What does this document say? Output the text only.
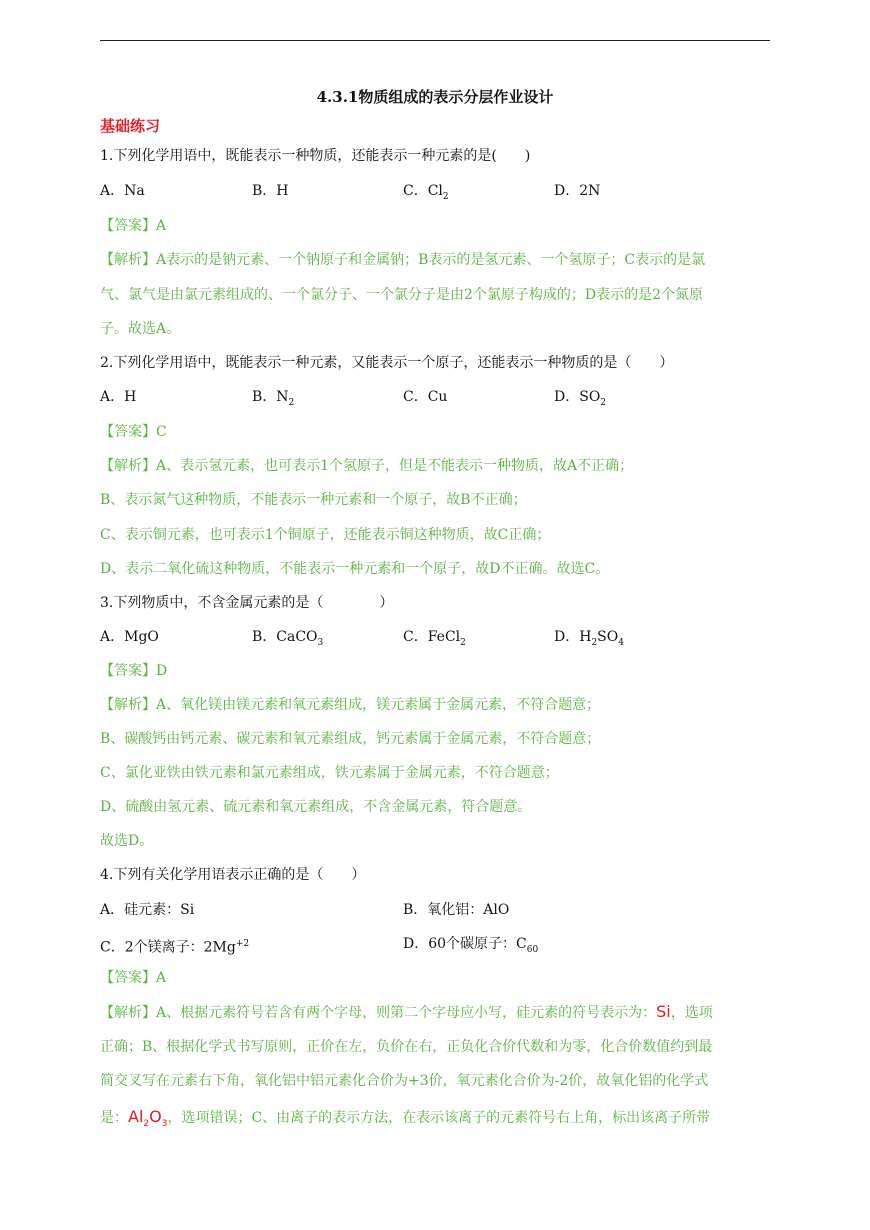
4.3.1物质组成的表示分层作业设计
基础练习
1.下列化学用语中，既能表示一种物质，还能表示一种元素的是(　　)
A．Na	B．H	C．$Cl_2$	D．2N
【答案】A
【解析】A表示的是钠元素、一个钠原子和金属钠；B表示的是氢元素、一个氢原子；C表示的是氯
气、氯气是由氯元素组成的、一个氯分子、一个氯分子是由2个氯原子构成的；D表示的是2个氮原
子。故选A。
2.下列化学用语中，既能表示一种元素，又能表示一个原子，还能表示一种物质的是（　　）
A．H	B．$N_2$	C．Cu	D．$SO_2$
【答案】C
【解析】A、表示氢元素，也可表示1个氢原子，但是不能表示一种物质，故A不正确；
B、表示氮气这种物质，不能表示一种元素和一个原子，故B不正确；
C、表示铜元素，也可表示1个铜原子，还能表示铜这种物质，故C正确；
D、表示二氧化硫这种物质，不能表示一种元素和一个原子，故D不正确。故选C。
3.下列物质中，不含金属元素的是（　　　　）
A．MgO	B．CaCO$_3$	C．FeCl$_2$	D．$H_2SO_4$
【答案】D
【解析】A、氧化镁由镁元素和氧元素组成，镁元素属于金属元素，不符合题意；
B、碳酸钙由钙元素、碳元素和氧元素组成，钙元素属于金属元素，不符合题意；
C、氯化亚铁由铁元素和氯元素组成，铁元素属于金属元素，不符合题意；
D、硫酸由氢元素、硫元素和氧元素组成，不含金属元素，符合题意。
故选D。
4.下列有关化学用语表示正确的是（　　）
A．硅元素：Si	B．氧化铝：AlO
C．2个镁离子：$2Mg^{+2}$	D．60个碳原子：$C_{60}$
【答案】A
【解析】A、根据元素符号若含有两个字母，则第二个字母应小写，硅元素的符号表示为：Si，选项
正确；B、根据化学式书写原则，正价在左，负价在右，正负化合价代数和为零，化合价数值约到最
简交叉写在元素右下角，氧化铝中铝元素化合价为+3价，氧元素化合价为-2价，故氧化铝的化学式
是：$Al_2O_3$，选项错误；C、由离子的表示方法，在表示该离子的元素符号右上角，标出该离子所带
